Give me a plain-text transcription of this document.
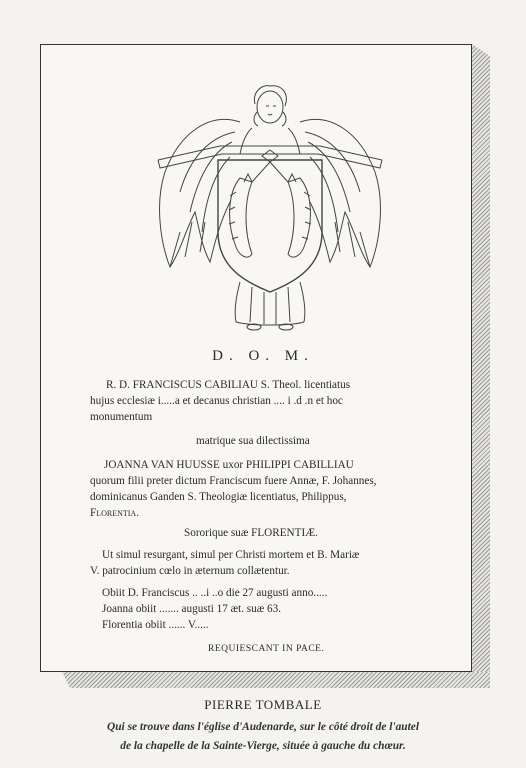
D. O. M.
R. D. FRANCISCUS CABILIAU S. Theol. licentiatus
hujus ecclesiæ i.....a et decanus christian .... i .d .n et hoc
monumentum
matrique sua dilectissima
JOANNA VAN HUUSSE uxor PHILIPPI CABILLIAU
quorum filii preter dictum Franciscum fuere Annæ, F. Johannes,
dominicanus Ganden S. Theologiæ licentiatus, Philippus,
Florentia.
Sororique suæ FLORENTIÆ.
Ut simul resurgant, simul per Christi mortem et B. Mariæ
V. patrocinium cœlo in æternum collætentur.
Obiit D. Franciscus .. ..i ..o die 27 augusti anno.....
Joanna obiit ....... augusti 17 æt. suæ 63.
Florentia obiit ...... V.....
REQUIESCANT IN PACE.
PIERRE TOMBALE
Qui se trouve dans l'église d'Audenarde, sur le côté droit de l'autel
de la chapelle de la Sainte-Vierge, située à gauche du chœur.
